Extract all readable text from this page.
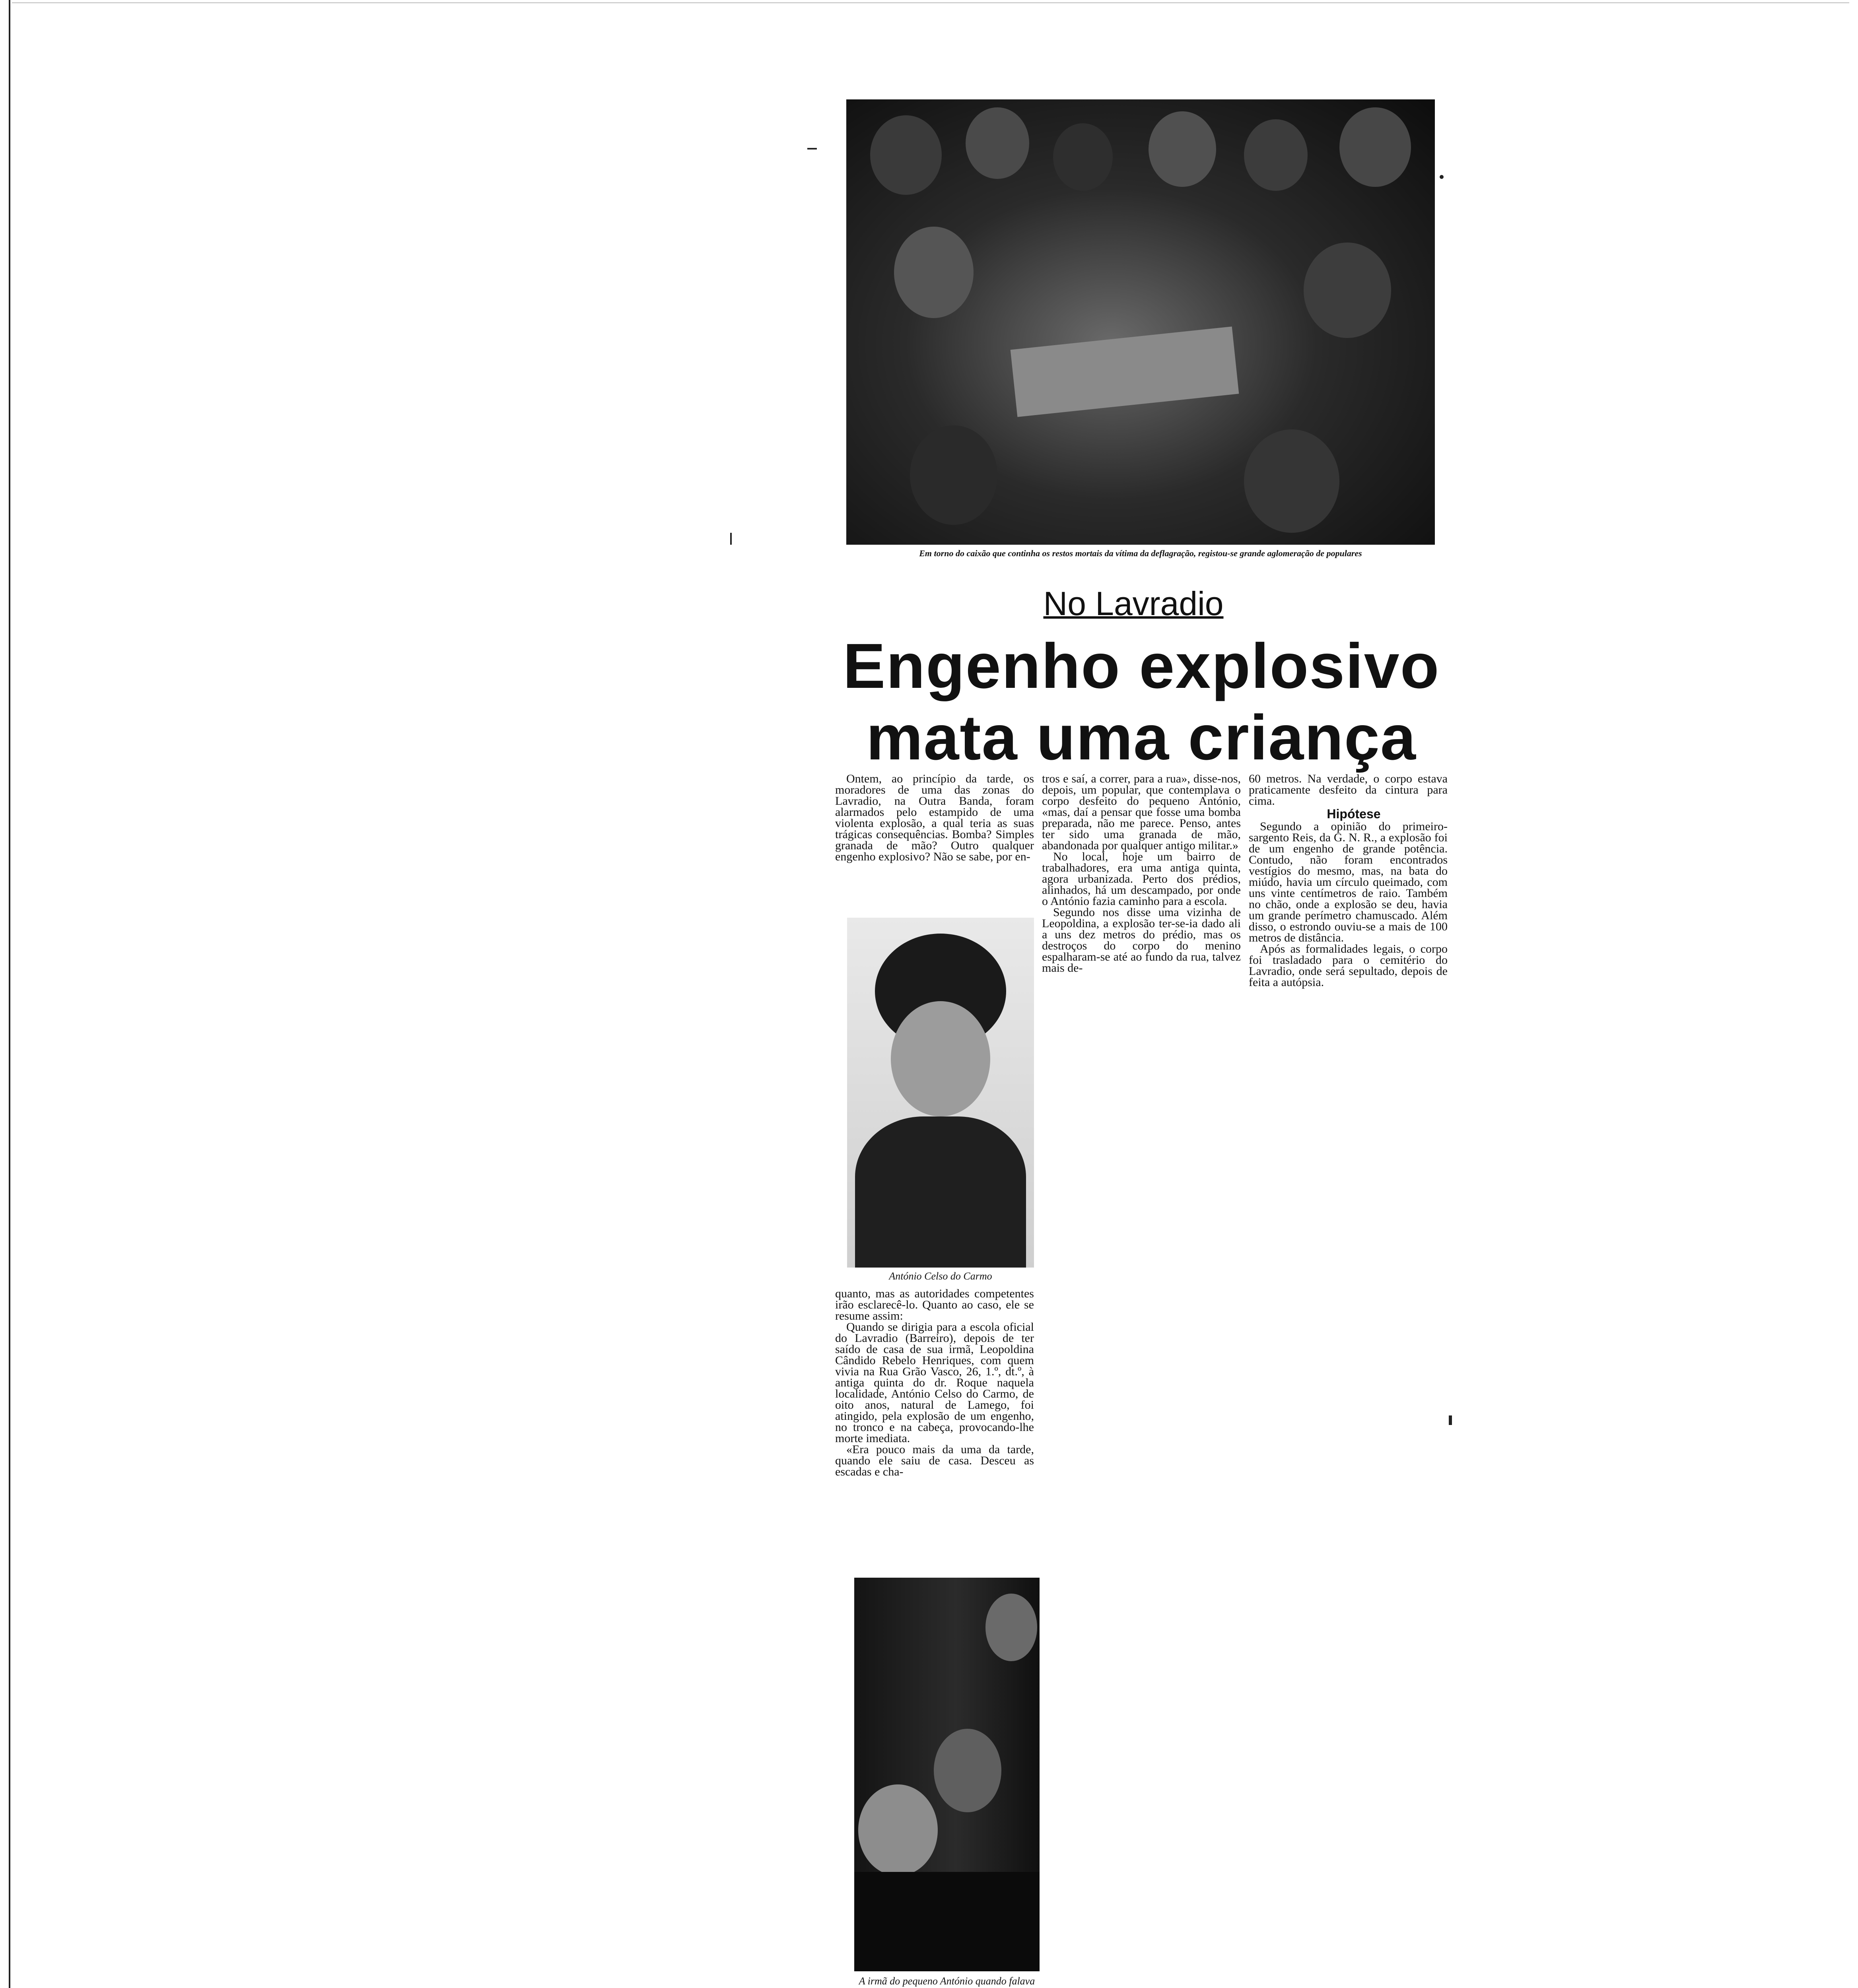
Em torno do caixão que continha os restos mortais da vítima da deflagração, registou-se grande aglomeração de populares
No Lavradio
Engenho explosivo
mata uma criança

Ontem, ao princípio da tarde, os moradores de uma das zonas do Lavradio, na Outra Banda, foram alarmados pelo estampido de uma violenta explosão, a qual teria as suas trágicas consequências. Bomba? Simples granada de mão? Outro qualquer engenho explosivo? Não se sabe, por en-

António Celso do Carmo

quanto, mas as autoridades competentes irão esclarecê-lo. Quanto ao caso, ele se resume assim:

Quando se dirigia para a escola oficial do Lavradio (Barreiro), depois de ter saído de casa de sua irmã, Leopoldina Cândido Rebelo Henriques, com quem vivia na Rua Grão Vasco, 26, 1.º, dt.º, à antiga quinta do dr. Roque naquela localidade, António Celso do Carmo, de oito anos, natural de Lamego, foi atingido, pela explosão de um engenho, no tronco e na cabeça, provocando-lhe morte imediata.

«Era pouco mais da uma da tarde, quando ele saiu de casa. Desceu as escadas e cha-

A irmã do pequeno António quando falava

tros e saí, a correr, para a rua», disse-nos, depois, um popular, que contemplava o corpo desfeito do pequeno António, «mas, daí a pensar que fosse uma bomba preparada, não me parece. Penso, antes ter sido uma granada de mão, abandonada por qualquer antigo militar.»

No local, hoje um bairro de trabalhadores, era uma antiga quinta, agora urbanizada. Perto dos prédios, alinhados, há um descampado, por onde o António fazia caminho para a escola.

Segundo nos disse uma vizinha de Leopoldina, a explosão ter-se-ia dado ali a uns dez metros do prédio, mas os destroços do corpo do menino espalharam-se até ao fundo da rua, talvez mais de-

60 metros. Na verdade, o corpo estava praticamente desfeito da cintura para cima.

Hipótese

Segundo a opinião do primeiro-sargento Reis, da G. N. R., a explosão foi de um engenho de grande potência. Contudo, não foram encontrados vestígios do mesmo, mas, na bata do miúdo, havia um círculo queimado, com uns vinte centímetros de raio. Também no chão, onde a explosão se deu, havia um grande perímetro chamuscado. Além disso, o estrondo ouviu-se a mais de 100 metros de distância.

Após as formalidades legais, o corpo foi trasladado para o cemitério do Lavradio, onde será sepultado, depois de feita a autópsia.
